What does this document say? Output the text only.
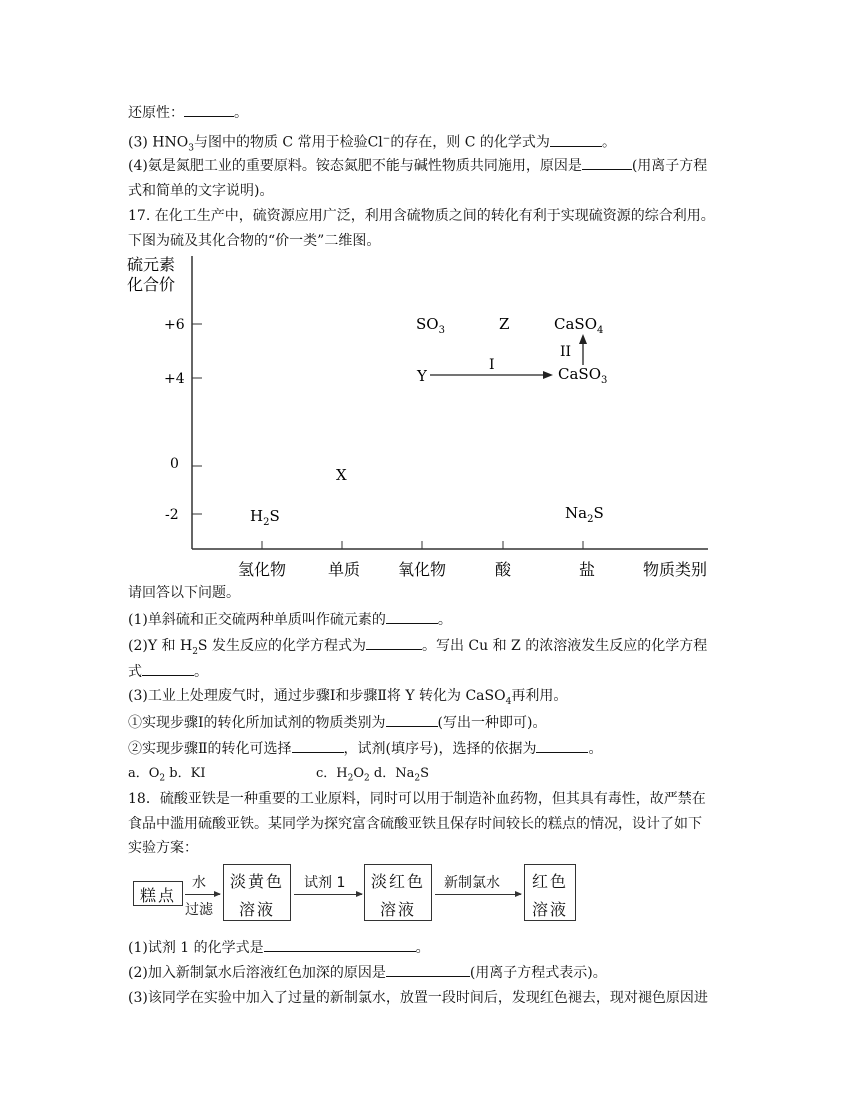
还原性：	。
(3) $HNO_3$与图中的物质 C 常用于检验Cl−的存在，则 C 的化学式为	。
(4)氨是氮肥工业的重要原料。铵态氮肥不能与碱性物质共同施用，原因是	(用离子方程
式和简单的文字说明)。
17. 在化工生产中，硫资源应用广泛，利用含硫物质之间的转化有利于实现硫资源的综合利用。
下图为硫及其化合物的“价一类”二维图。
硫元素
化合价
+6
+4
0
-2
氢化物	单质 氧化物	酸	盐	物质类别
$H_2S$
X
$SO_3$	Z	CaSO$_4$
Y	CaSO$_3$
$Na_2S$
I
II
请回答以下问题。
(1)单斜硫和正交硫两种单质叫作硫元素的	。
(2)Y 和 $H_2S$ 发生反应的化学方程式为	。写出 Cu 和 Z 的浓溶液发生反应的化学方程
式	。
(3)工业上处理废气时，通过步骤Ⅰ和步骤Ⅱ将 Y 转化为 CaSO$_4$再利用。
①实现步骤Ⅰ的转化所加试剂的物质类别为	(写出一种即可)。
②实现步骤Ⅱ的转化可选择	，试剂(填序号)，选择的依据为	。
a．$O_2$ b．KI	c．$H_2O_2$ d．$Na_2S$
18．硫酸亚铁是一种重要的工业原料，同时可以用于制造补血药物，但其具有毒性，故严禁在
食品中滥用硫酸亚铁。某同学为探究富含硫酸亚铁且保存时间较长的糕点的情况，设计了如下
实验方案：
糕点
水
过滤
淡黄色
溶液
试剂 1	淡红色
溶液
新制氯水	红色
溶液
(1)试剂 1 的化学式是	。
(2)加入新制氯水后溶液红色加深的原因是	(用离子方程式表示)。
(3)该同学在实验中加入了过量的新制氯水，放置一段时间后，发现红色褪去，现对褪色原因进
